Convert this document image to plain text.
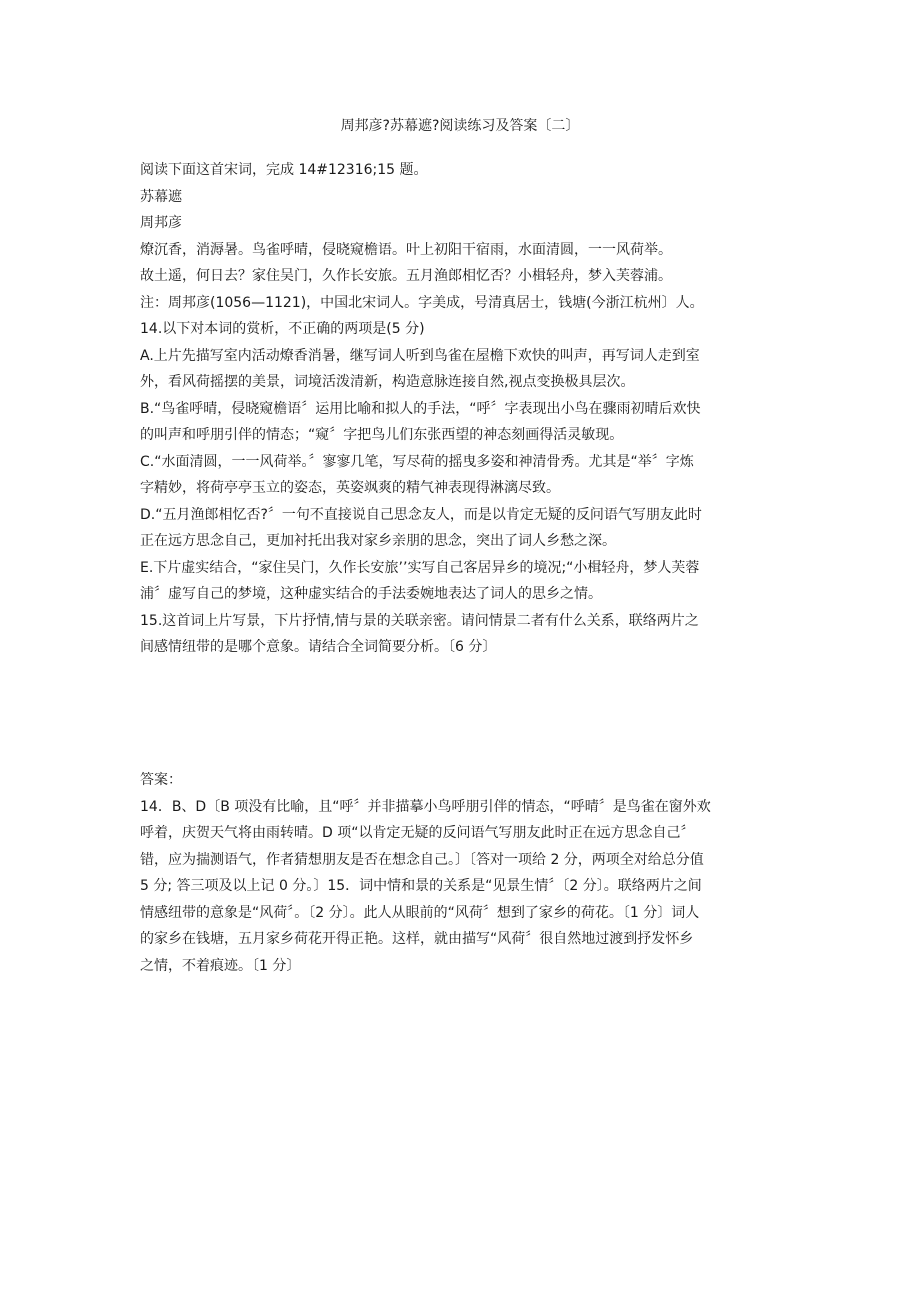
周邦彦?苏幕遮?阅读练习及答案〔二〕

阅读下面这首宋词，完成 14#12316;15 题。

苏幕遮

周邦彦

燎沉香，消溽暑。鸟雀呼晴，侵晓窥檐语。叶上初阳干宿雨，水面清圆，一一风荷举。

故土遥，何日去？家住吴门，久作长安旅。五月渔郎相忆否？小楫轻舟，梦入芙蓉浦。

注：周邦彦(1056—1121)，中国北宋词人。字美成，号清真居士，钱塘(今浙江杭州〕人。

14.以下对本词的赏析，不正确的两项是(5 分)

A.上片先描写室内活动燎香消暑，继写词人听到鸟雀在屋檐下欢快的叫声，再写词人走到室

外，看风荷摇摆的美景，词境活泼清新，构造意脉连接自然,视点变换极具层次。

B.“鸟雀呼晴，侵晓窥檐语〞运用比喻和拟人的手法，“呼〞字表现出小鸟在骤雨初晴后欢快

的叫声和呼朋引伴的情态；“窥〞字把鸟儿们东张西望的神态刻画得活灵敏现。

C.“水面清圆，一一风荷举。〞寥寥几笔，写尽荷的摇曳多姿和神清骨秀。尤其是“举〞字炼

字精妙，将荷亭亭玉立的姿态，英姿飒爽的精气神表现得淋漓尽致。

D.“五月渔郎相忆否?〞一句不直接说自己思念友人，而是以肯定无疑的反问语气写朋友此时

正在远方思念自己，更加衬托出我对家乡亲朋的思念，突出了词人乡愁之深。

E.下片虚实结合，“家住吴门，久作长安旅’’实写自己客居异乡的境况;“小楫轻舟，梦人芙蓉

浦〞虚写自己的梦境，这种虚实结合的手法委婉地表达了词人的思乡之情。

15.这首词上片写景，下片抒情,情与景的关联亲密。请问情景二者有什么关系，联络两片之

间感情纽带的是哪个意象。请结合全词简要分析。〔6 分〕

答案：

14．B、D〔B 项没有比喻，且“呼〞并非描摹小鸟呼朋引伴的情态，“呼晴〞是鸟雀在窗外欢

呼着，庆贺天气将由雨转晴。D 项“以肯定无疑的反问语气写朋友此时正在远方思念自己〞

错，应为揣测语气，作者猜想朋友是否在想念自己。〕〔答对一项给 2 分，两项全对给总分值

5 分; 答三项及以上记 0 分。〕15．词中情和景的关系是“见景生情〞〔2 分〕。联络两片之间

情感纽带的意象是“风荷〞。〔2 分〕。此人从眼前的“风荷〞想到了家乡的荷花。〔1 分〕词人

的家乡在钱塘，五月家乡荷花开得正艳。这样，就由描写“风荷〞很自然地过渡到抒发怀乡

之情，不着痕迹。〔1 分〕
